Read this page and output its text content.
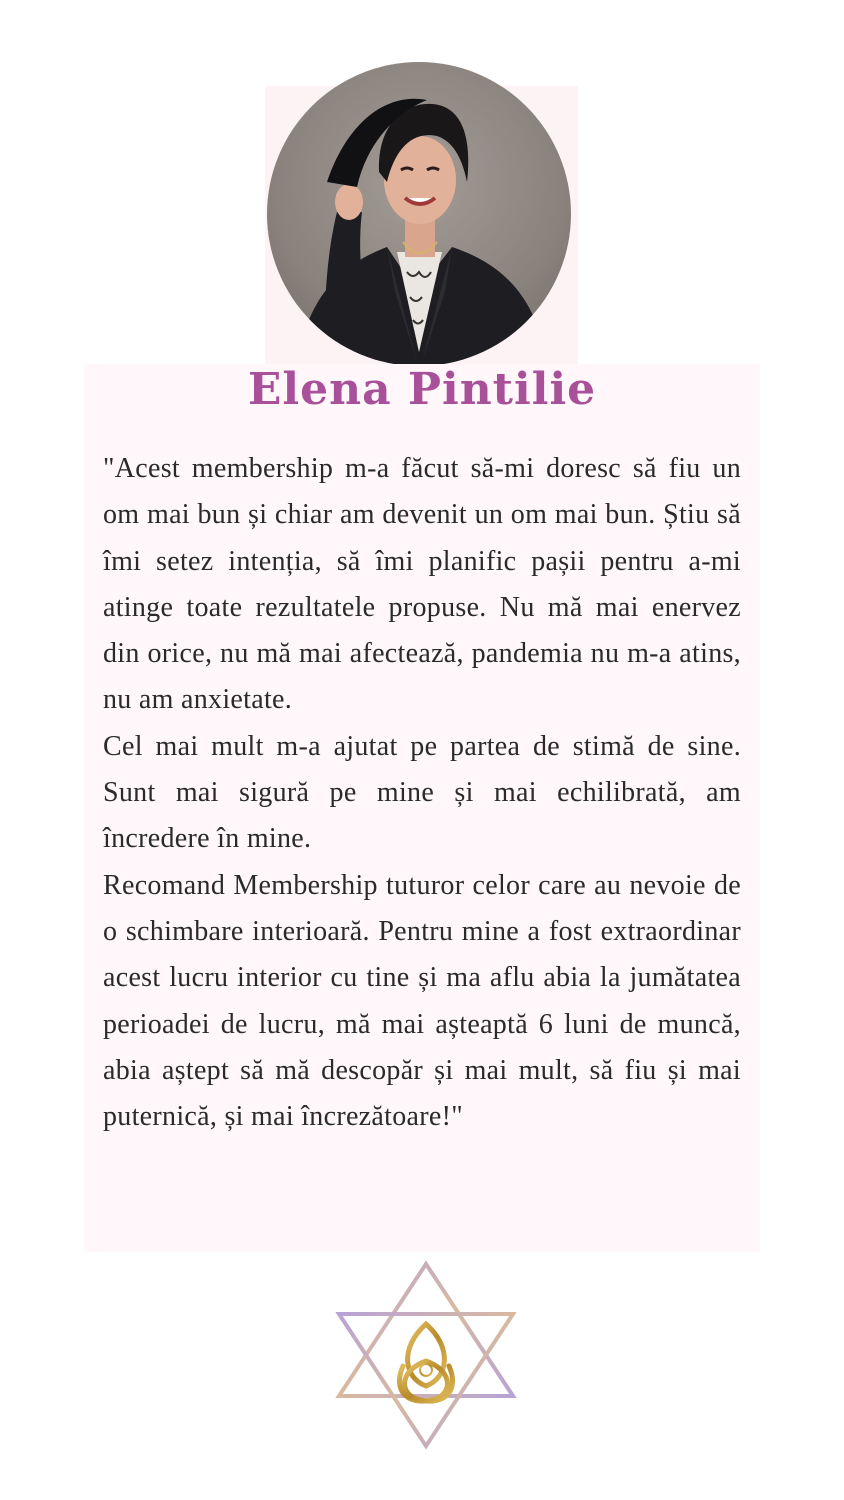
Elena Pintilie

"Acest membership m-a făcut să-mi doresc să fiu un om mai bun și chiar am devenit un om mai bun. Știu să îmi setez intenția, să îmi planific pașii pentru a-mi atinge toate rezultatele propuse. Nu mă mai enervez din orice, nu mă mai afectează, pandemia nu m-a atins, nu am anxietate.

Cel mai mult m-a ajutat pe partea de stimă de sine. Sunt mai sigură pe mine și mai echilibrată, am încredere în mine.

Recomand Membership tuturor celor care au nevoie de o schimbare interioară. Pentru mine a fost extraordinar acest lucru interior cu tine și ma aflu abia la jumătatea perioadei de lucru, mă mai așteaptă 6 luni de muncă, abia aștept să mă descopăr și mai mult, să fiu și mai puternică, și mai încrezătoare!"
